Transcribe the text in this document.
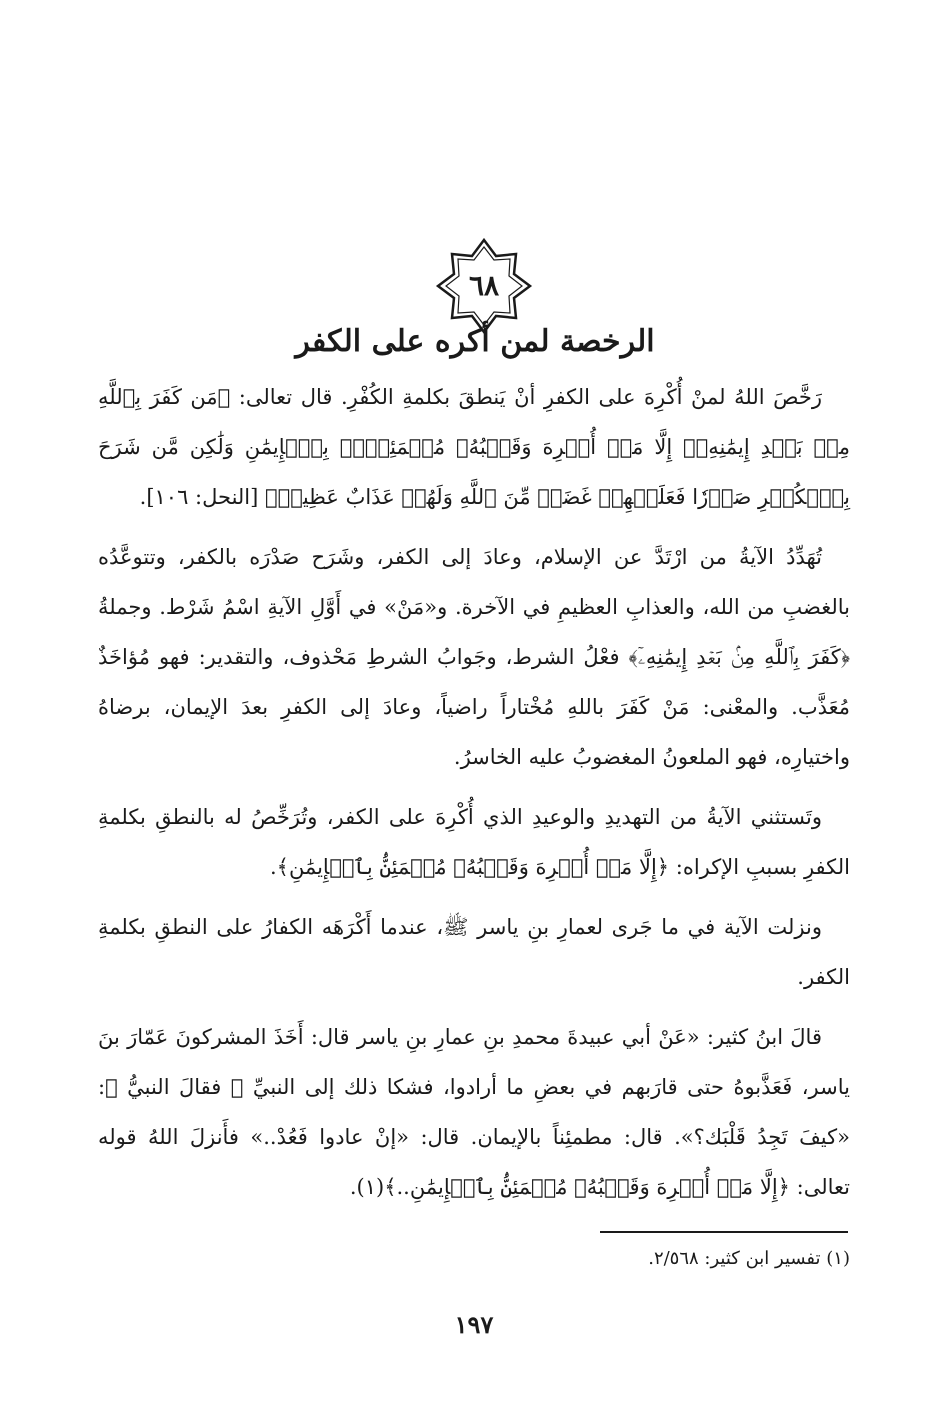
٦٨
الرخصة لمن أكره على الكفر

رَخَّصَ اللهُ لمنْ أُكْرِهَ على الكفرِ أنْ يَنطقَ بكلمةِ الكُفْرِ. قال تعالى: ﴿مَن كَفَرَ بِٱللَّهِ مِنۢ بَعۡدِ إِيمَٰنِهِۦٓ إِلَّا مَنۡ أُكۡرِهَ وَقَلۡبُهُۥ مُطۡمَئِنُّۢ بِٱلۡإِيمَٰنِ وَلَٰكِن مَّن شَرَحَ بِٱلۡكُفۡرِ صَدۡرٗا فَعَلَيۡهِمۡ غَضَبٞ مِّنَ ٱللَّهِ وَلَهُمۡ عَذَابٌ عَظِيمٞ﴾ [النحل: ١٠٦].

تُهَدِّدُ الآيةُ من ارْتَدَّ عن الإسلام، وعادَ إلى الكفر، وشَرَح صَدْرَه بالكفر، وتتوعَّدُه بالغضبِ من الله، والعذابِ العظيمِ في الآخرة. و«مَنْ» في أَوَّلِ الآيةِ اسْمُ شَرْط. وجملةُ ﴿كَفَرَ بِٱللَّهِ مِنۢ بَعۡدِ إِيمَٰنِهِۦٓ﴾ فعْلُ الشرط، وجَوابُ الشرطِ مَحْذوف، والتقدير: فهو مُؤاخَذٌ مُعَذَّب. والمعْنى: مَنْ كَفَرَ باللهِ مُخْتاراً راضياً، وعادَ إلى الكفرِ بعدَ الإيمان، برضاهُ واختيارِه، فهو الملعونُ المغضوبُ عليه الخاسرُ.

وتَستثني الآيةُ من التهديدِ والوعيدِ الذي أُكْرِهَ على الكفر، وتُرَخِّصُ له بالنطقِ بكلمةِ الكفرِ بسببِ الإكراه: ﴿إِلَّا مَنۡ أُكۡرِهَ وَقَلۡبُهُۥ مُطۡمَئِنُّۢ بِٱلۡإِيمَٰنِ﴾.

ونزلت الآية في ما جَرى لعمارِ بنِ ياسر ﷺ، عندما أَكْرَهَه الكفارُ على النطقِ بكلمةِ الكفر.

قالَ ابنُ كثير: «عَنْ أبي عبيدةَ محمدِ بنِ عمارِ بنِ ياسر قال: أَخَذَ المشركونَ عَمّارَ بنَ ياسر، فَعَذَّبوهُ حتى قارَبهم في بعضِ ما أرادوا، فشكا ذلك إلى النبيِّ ﷺ فقالَ النبيُّ ﷺ: «كيفَ تَجِدُ قَلْبَك؟». قال: مطمئِناً بالإيمان. قال: «إنْ عادوا فَعُدْ..» فأَنزلَ اللهُ قوله تعالى: ﴿إِلَّا مَنۡ أُكۡرِهَ وَقَلۡبُهُۥ مُطۡمَئِنُّۢ بِٱلۡإِيمَٰنِ..﴾(١).

(١) تفسير ابن كثير: ٢/٥٦٨.
١٩٧
